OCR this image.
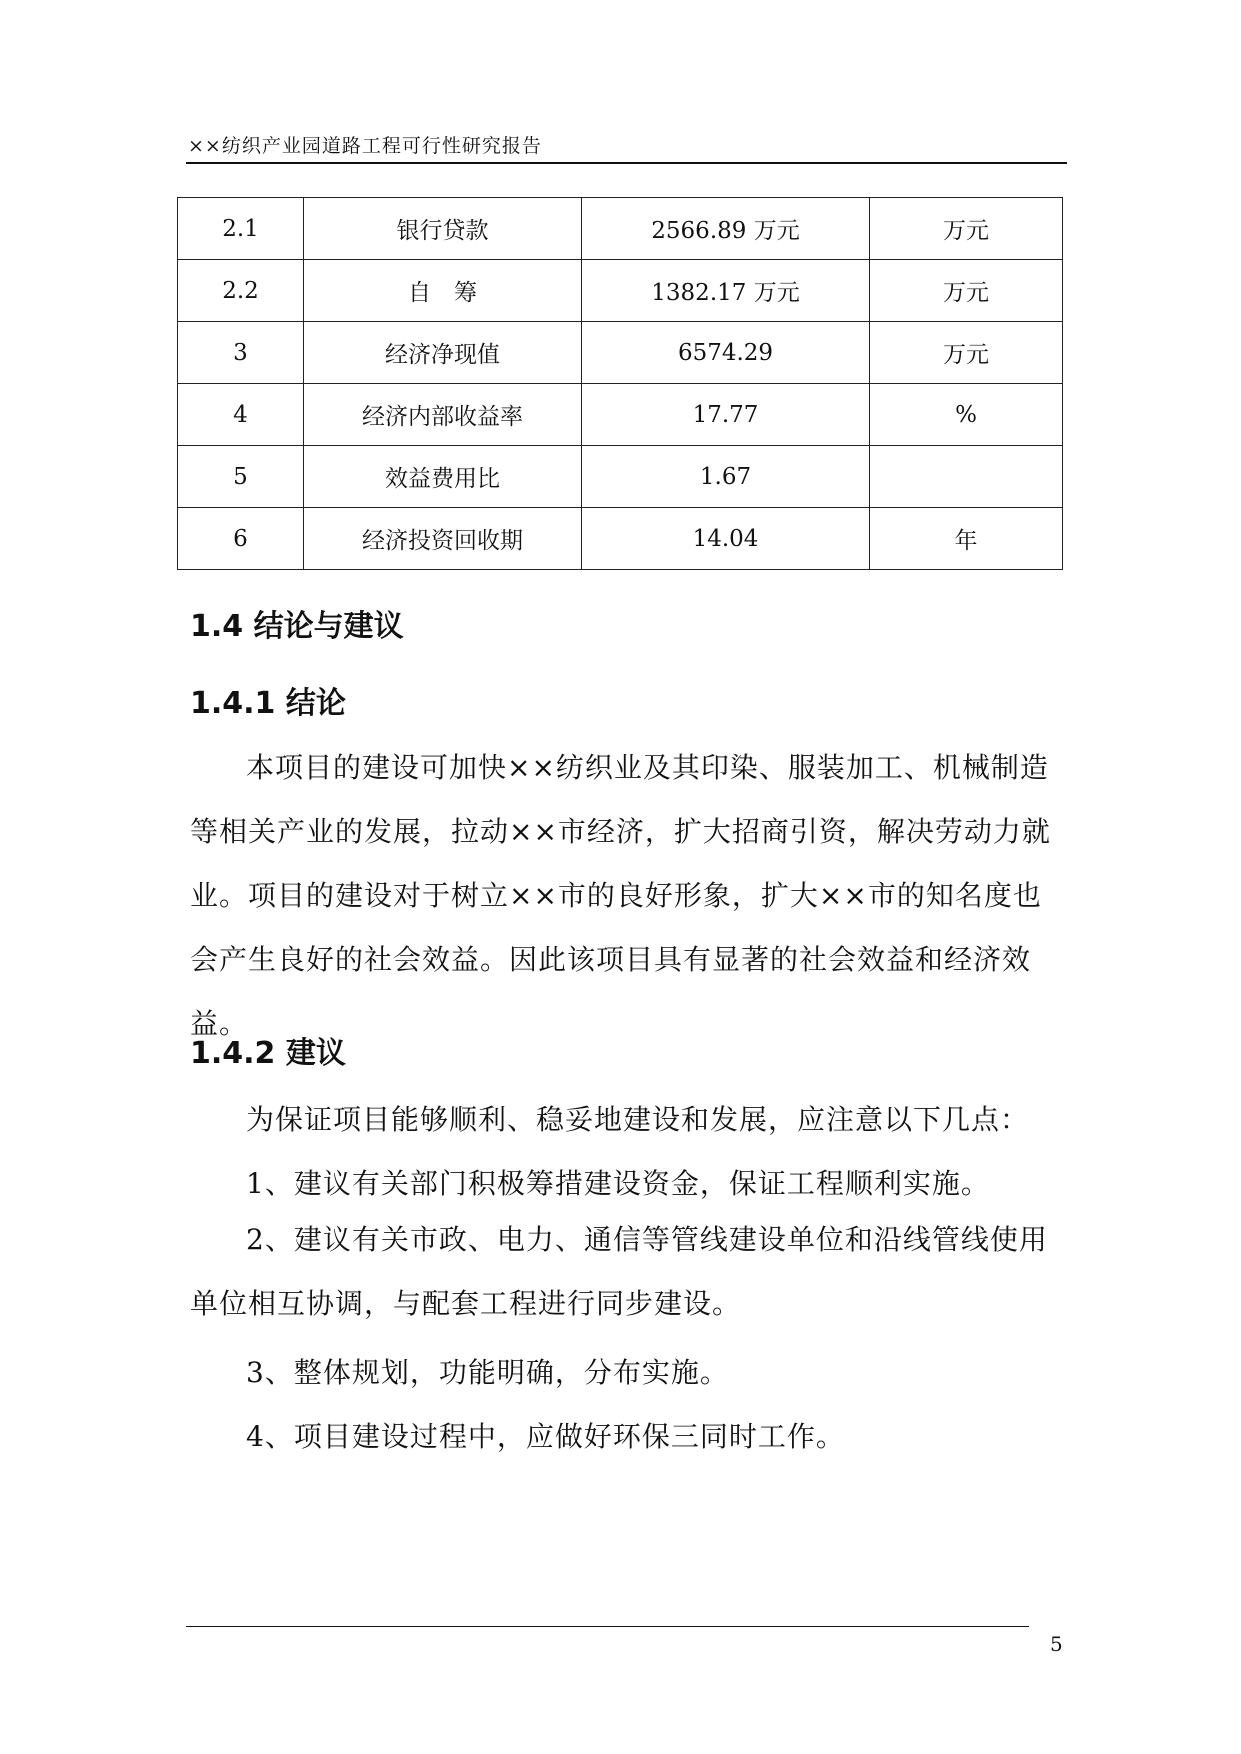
××纺织产业园道路工程可行性研究报告
2.1	银行贷款	2566.89 万元	万元
2.2	自　筹	1382.17 万元	万元
3	经济净现值	6574.29	万元
4	经济内部收益率	17.77	%
5	效益费用比	1.67	
6	经济投资回收期	14.04	年
1.4 结论与建议
1.4.1 结论

本项目的建设可加快××纺织业及其印染、服装加工、机械制造等相关产业的发展，拉动××市经济，扩大招商引资，解决劳动力就业。项目的建设对于树立××市的良好形象，扩大××市的知名度也会产生良好的社会效益。因此该项目具有显著的社会效益和经济效益。

1.4.2 建议
为保证项目能够顺利、稳妥地建设和发展，应注意以下几点：
1、建议有关部门积极筹措建设资金，保证工程顺利实施。

2、建议有关市政、电力、通信等管线建设单位和沿线管线使用单位相互协调，与配套工程进行同步建设。

3、整体规划，功能明确，分布实施。
4、项目建设过程中，应做好环保三同时工作。
5
